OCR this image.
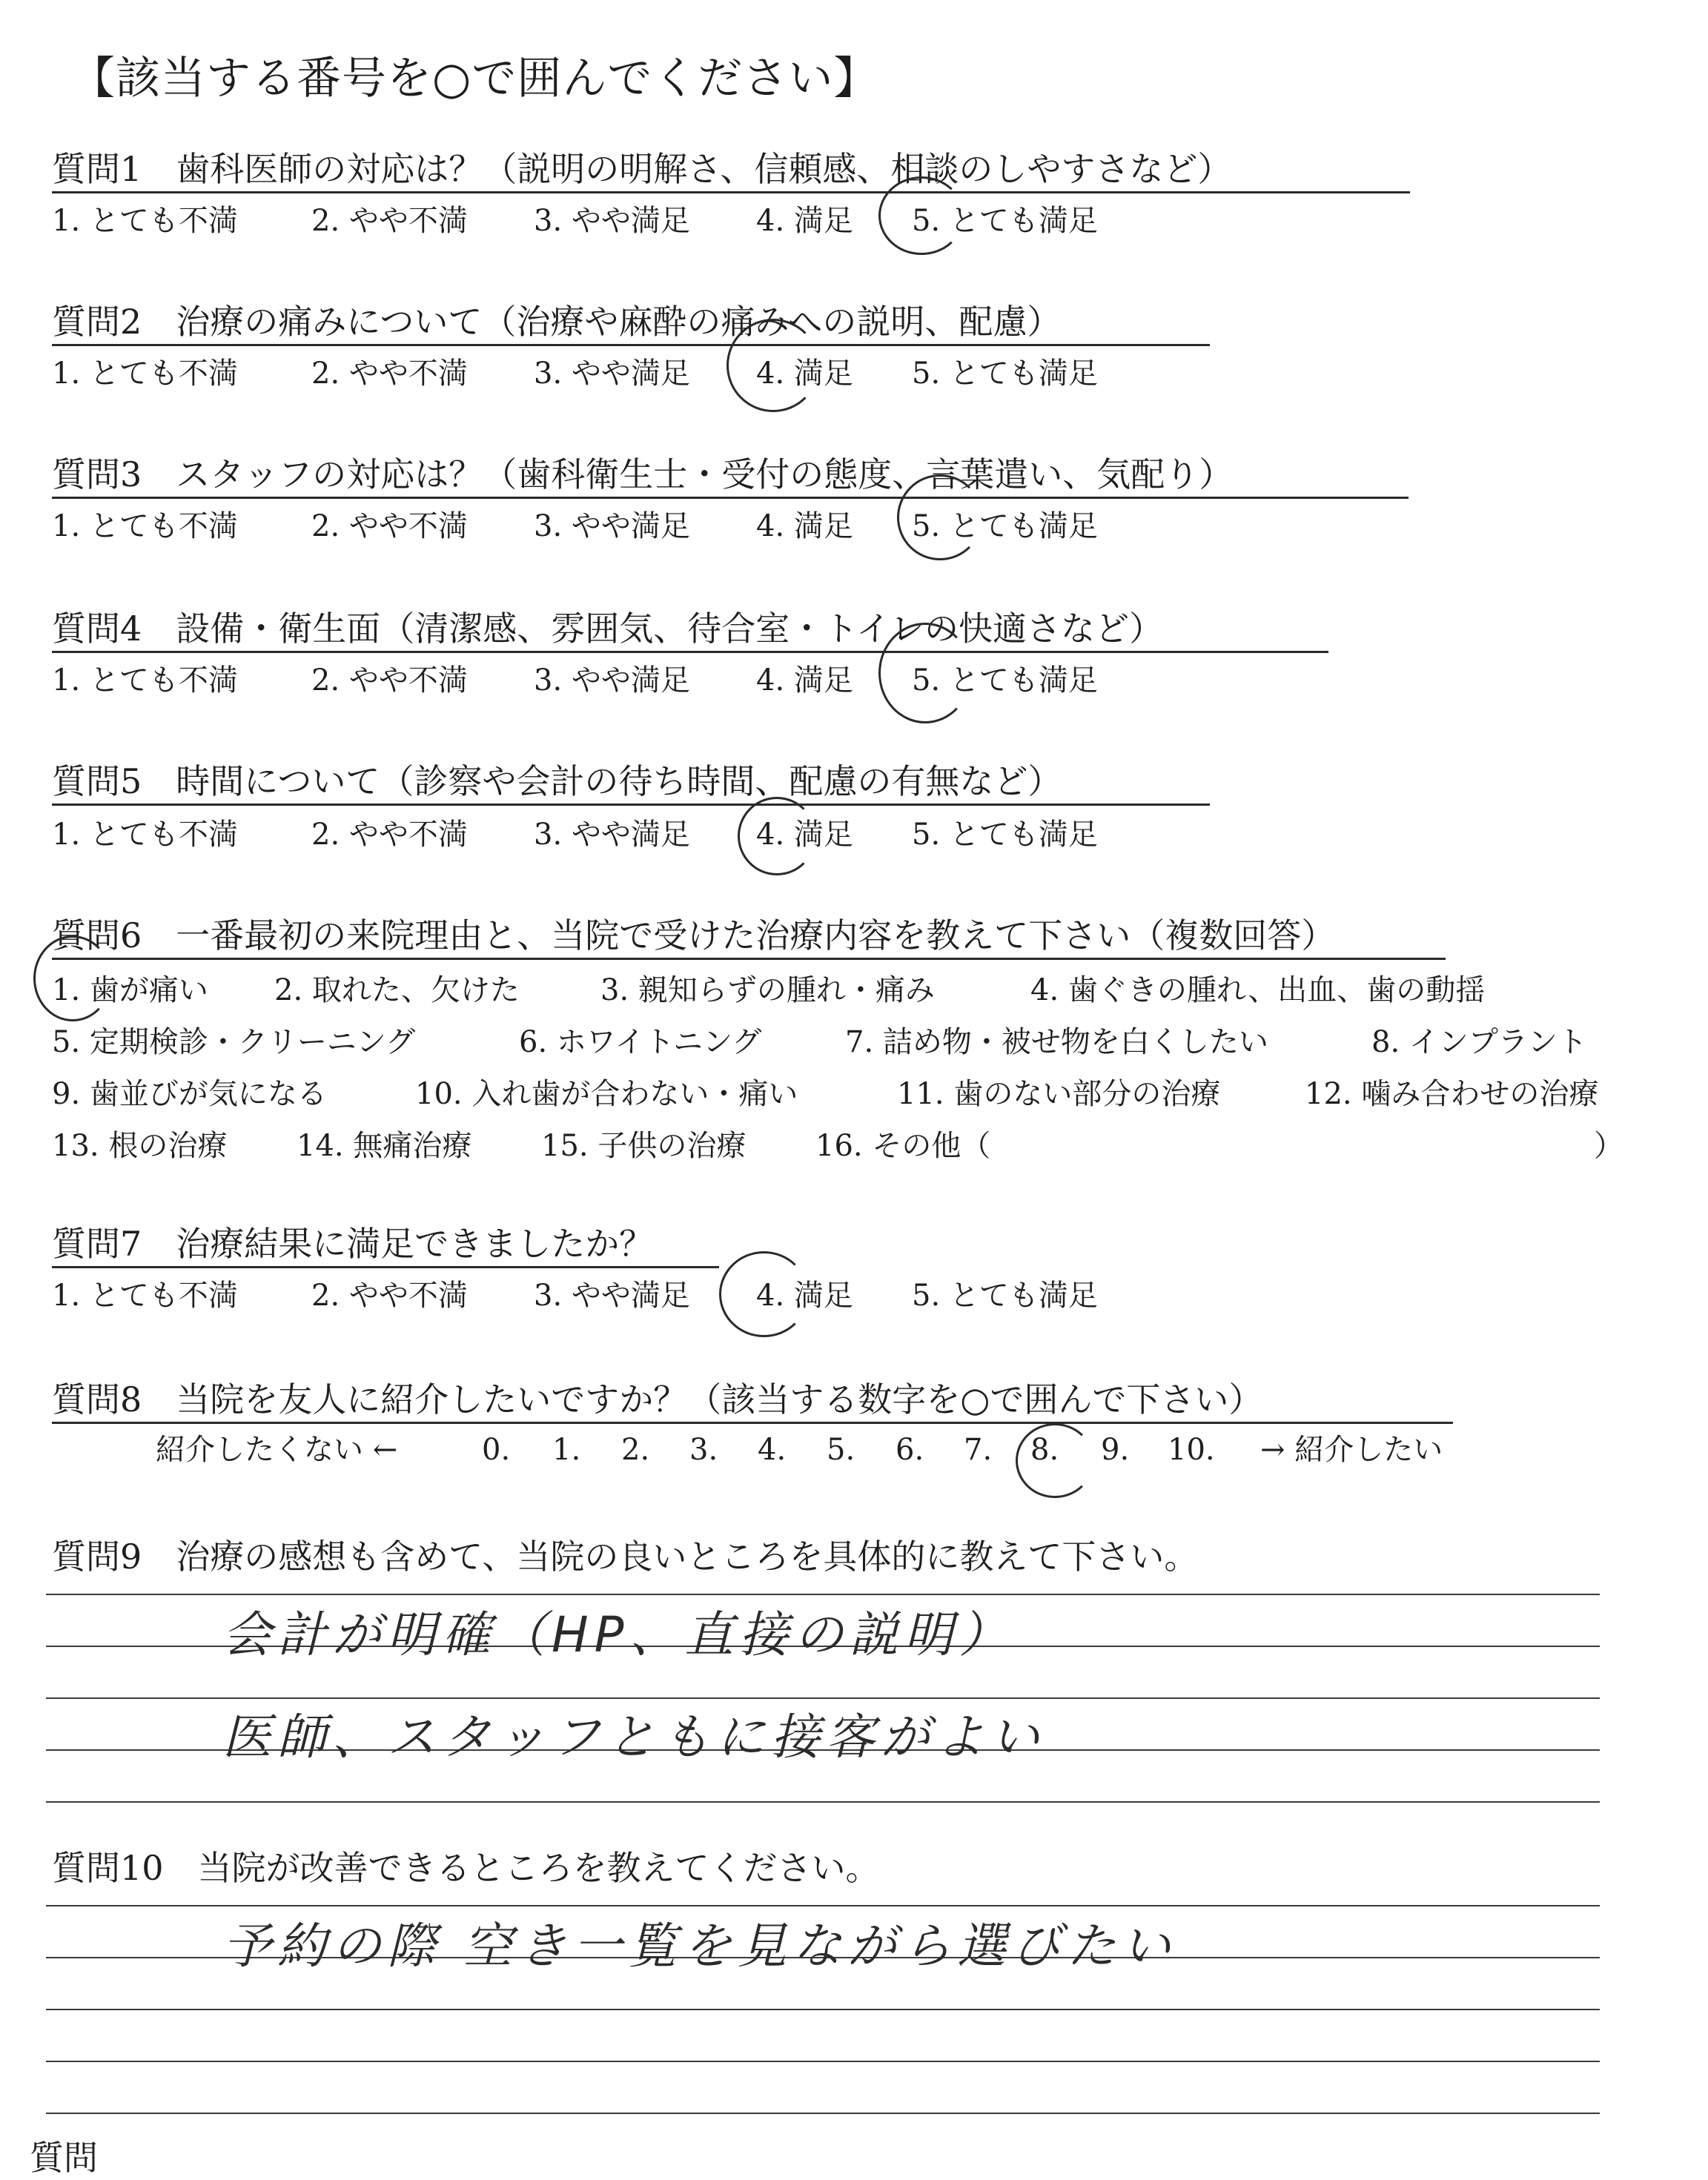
【該当する番号を○で囲んでください】
質問1　歯科医師の対応は？（説明の明解さ、信頼感、相談のしやすさなど）
1. とても不満 2. やや不満 3. やや満足 4. 満足 5. とても満足
質問2　治療の痛みについて（治療や麻酔の痛みへの説明、配慮）
1. とても不満 2. やや不満 3. やや満足 4. 満足 5. とても満足
質問3　スタッフの対応は？（歯科衛生士・受付の態度、言葉遣い、気配り）
1. とても不満 2. やや不満 3. やや満足 4. 満足 5. とても満足
質問4　設備・衛生面（清潔感、雰囲気、待合室・トイレの快適さなど）
1. とても不満 2. やや不満 3. やや満足 4. 満足 5. とても満足
質問5　時間について（診察や会計の待ち時間、配慮の有無など）
1. とても不満 2. やや不満 3. やや満足 4. 満足 5. とても満足
質問6　一番最初の来院理由と、当院で受けた治療内容を教えて下さい（複数回答）
1. 歯が痛い 2. 取れた、欠けた	3. 親知らずの腫れ・痛み	4. 歯ぐきの腫れ、出血、歯の動揺
5. 定期検診・クリーニング	6. ホワイトニング	7. 詰め物・被せ物を白くしたい	8. インプラント
9. 歯並びが気になる	10. 入れ歯が合わない・痛い	11. 歯のない部分の治療	12. 噛み合わせの治療
13. 根の治療 14. 無痛治療 15. 子供の治療 16. その他（	）
質問7　治療結果に満足できましたか？
1. とても不満 2. やや不満 3. やや満足 4. 満足 5. とても満足
質問8　当院を友人に紹介したいですか？（該当する数字を○で囲んで下さい）
紹介したくない ←	0. 1. 2. 3. 4. 5. 6. 7. 8. 9. 10. → 紹介したい
質問9　治療の感想も含めて、当院の良いところを具体的に教えて下さい。
会計が明確（HP、直接の説明）
医師、スタッフともに接客がよい
質問10　当院が改善できるところを教えてください。
予約の際 空き一覧を見ながら選びたい
質問
